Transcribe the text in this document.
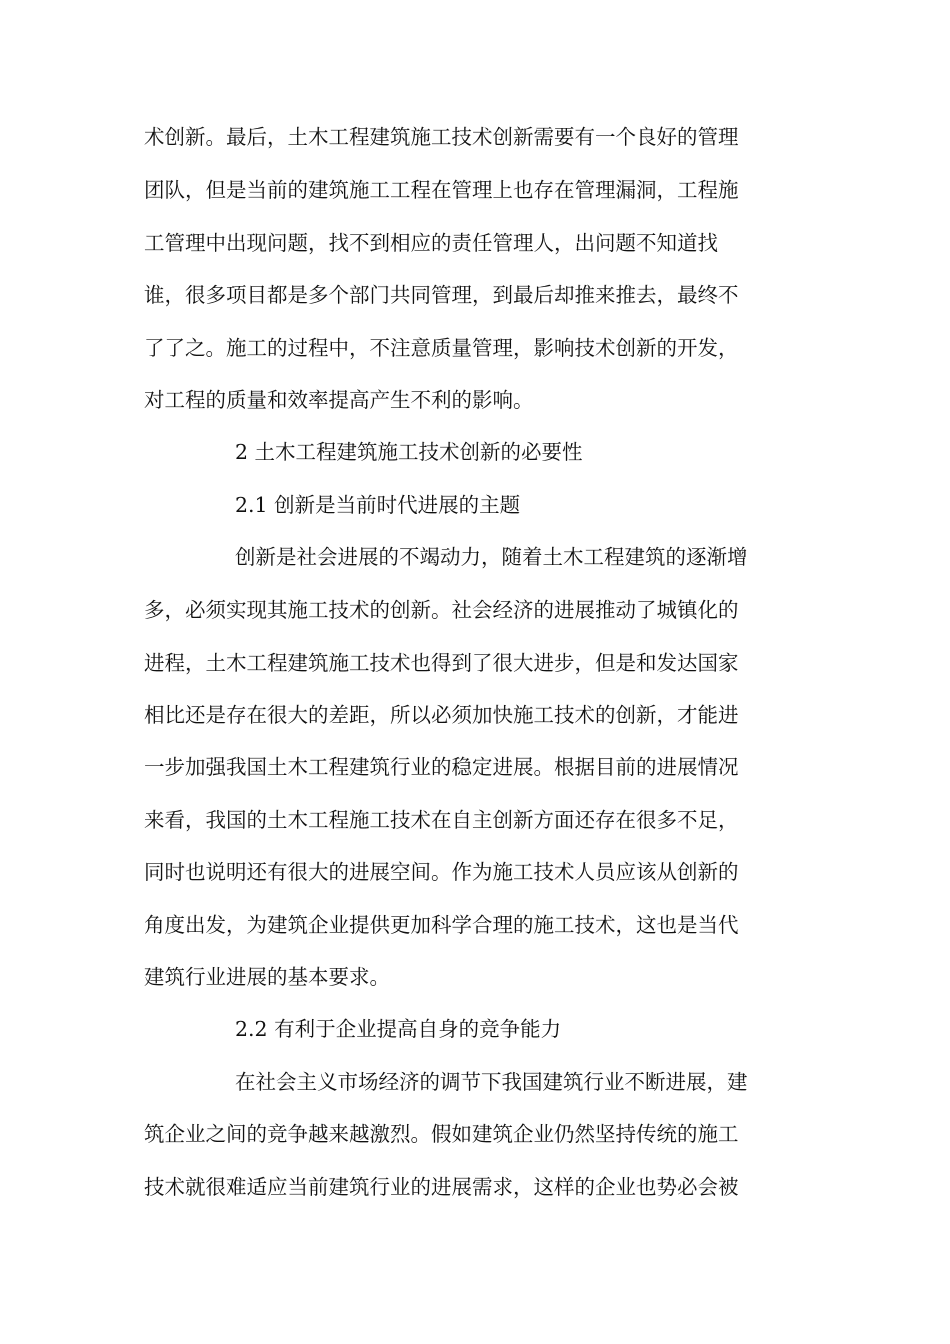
术创新。最后，土木工程建筑施工技术创新需要有一个良好的管理
团队，但是当前的建筑施工工程在管理上也存在管理漏洞，工程施
工管理中出现问题，找不到相应的责任管理人，出问题不知道找
谁，很多项目都是多个部门共同管理，到最后却推来推去，最终不
了了之。施工的过程中，不注意质量管理，影响技术创新的开发，
对工程的质量和效率提高产生不利的影响。
2 土木工程建筑施工技术创新的必要性
2.1 创新是当前时代进展的主题
创新是社会进展的不竭动力，随着土木工程建筑的逐渐增
多，必须实现其施工技术的创新。社会经济的进展推动了城镇化的
进程，土木工程建筑施工技术也得到了很大进步，但是和发达国家
相比还是存在很大的差距，所以必须加快施工技术的创新，才能进
一步加强我国土木工程建筑行业的稳定进展。根据目前的进展情况
来看，我国的土木工程施工技术在自主创新方面还存在很多不足，
同时也说明还有很大的进展空间。作为施工技术人员应该从创新的
角度出发，为建筑企业提供更加科学合理的施工技术，这也是当代
建筑行业进展的基本要求。
2.2 有利于企业提高自身的竞争能力
在社会主义市场经济的调节下我国建筑行业不断进展，建
筑企业之间的竞争越来越激烈。假如建筑企业仍然坚持传统的施工
技术就很难适应当前建筑行业的进展需求，这样的企业也势必会被
